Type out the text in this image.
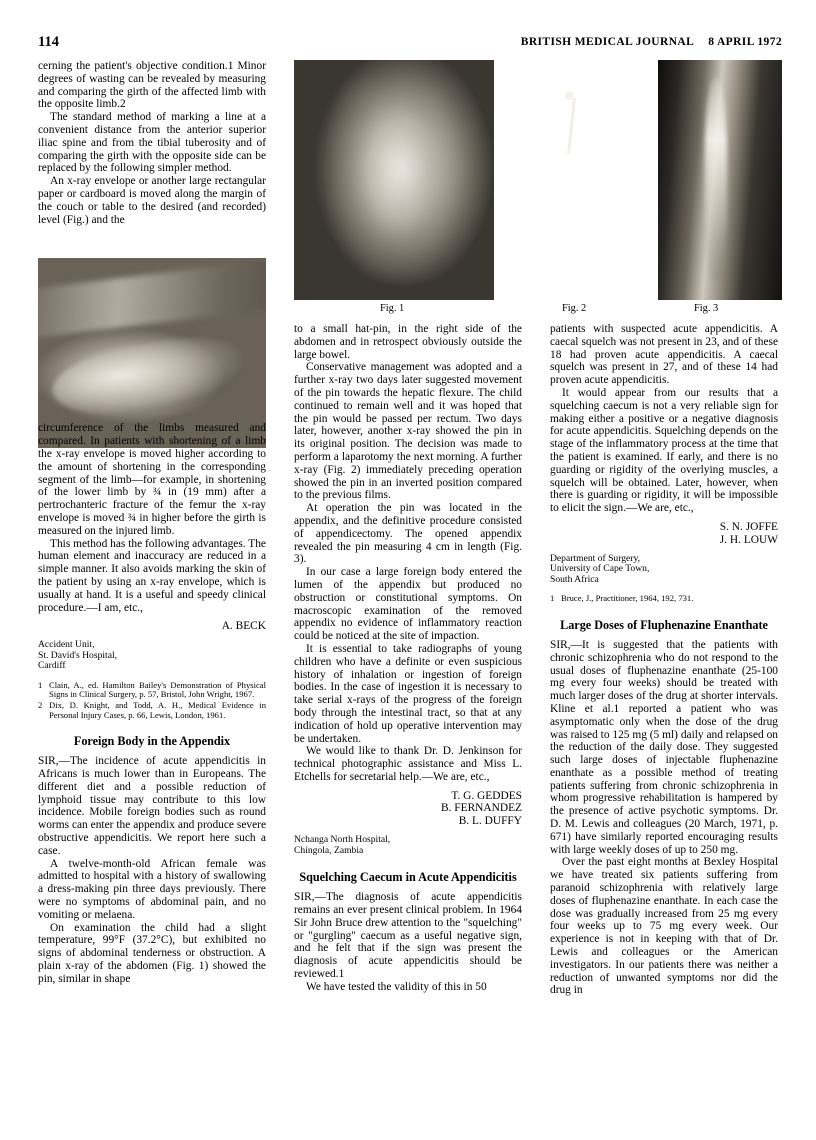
114	BRITISH MEDICAL JOURNAL 8 APRIL 1972
Fig. 1	Fig. 2	Fig. 3

cerning the patient's objective condition.1 Minor degrees of wasting can be revealed by measuring and comparing the girth of the affected limb with the opposite limb.2

The standard method of marking a line at a convenient distance from the anterior superior iliac spine and from the tibial tuberosity and of comparing the girth with the opposite side can be replaced by the following simpler method.

An x-ray envelope or another large rectangular paper or cardboard is moved along the margin of the couch or table to the desired (and recorded) level (Fig.) and the

circumference of the limbs measured and compared. In patients with shortening of a limb the x-ray envelope is moved higher according to the amount of shortening in the corresponding segment of the limb—for example, in shortening of the lower limb by ¾ in (19 mm) after a pertrochanteric fracture of the femur the x-ray envelope is moved ¾ in higher before the girth is measured on the injured limb.

This method has the following advantages. The human element and inaccuracy are reduced in a simple manner. It also avoids marking the skin of the patient by using an x-ray envelope, which is usually at hand. It is a useful and speedy clinical procedure.—I am, etc.,

A. BECK
Accident Unit,
St. David's Hospital,
Cardiff

1 Clain, A., ed. Hamilton Bailey's Demonstration of Physical Signs in Clinical Surgery, p. 57, Bristol, John Wright, 1967.

2 Dix, D. Knight, and Todd, A. H., Medical Evidence in Personal Injury Cases, p. 66, Lewis, London, 1961.

Foreign Body in the Appendix

SIR,—The incidence of acute appendicitis in Africans is much lower than in Europeans. The different diet and a possible reduction of lymphoid tissue may contribute to this low incidence. Mobile foreign bodies such as round worms can enter the appendix and produce severe obstructive appendicitis. We report here such a case.

A twelve-month-old African female was admitted to hospital with a history of swallowing a dress-making pin three days previously. There were no symptoms of abdominal pain, and no vomiting or melaena.

On examination the child had a slight temperature, 99°F (37.2°C), but exhibited no signs of abdominal tenderness or obstruction. A plain x-ray of the abdomen (Fig. 1) showed the pin, similar in shape

to a small hat-pin, in the right side of the abdomen and in retrospect obviously outside the large bowel.

Conservative management was adopted and a further x-ray two days later suggested movement of the pin towards the hepatic flexure. The child continued to remain well and it was hoped that the pin would be passed per rectum. Two days later, however, another x-ray showed the pin in its original position. The decision was made to perform a laparotomy the next morning. A further x-ray (Fig. 2) immediately preceding operation showed the pin in an inverted position compared to the previous films.

At operation the pin was located in the appendix, and the definitive procedure consisted of appendicectomy. The opened appendix revealed the pin measuring 4 cm in length (Fig. 3).

In our case a large foreign body entered the lumen of the appendix but produced no obstruction or constitutional symptoms. On macroscopic examination of the removed appendix no evidence of inflammatory reaction could be noticed at the site of impaction.

It is essential to take radiographs of young children who have a definite or even suspicious history of inhalation or ingestion of foreign bodies. In the case of ingestion it is necessary to take serial x-rays of the progress of the foreign body through the intestinal tract, so that at any indication of hold up operative intervention may be undertaken.

We would like to thank Dr. D. Jenkinson for technical photographic assistance and Miss L. Etchells for secretarial help.—We are, etc.,

T. G. GEDDES
B. FERNANDEZ
B. L. DUFFY
Nchanga North Hospital,
Chingola, Zambia

Squelching Caecum in Acute Appendicitis

SIR,—The diagnosis of acute appendicitis remains an ever present clinical problem. In 1964 Sir John Bruce drew attention to the "squelching" or "gurgling" caecum as a useful negative sign, and he felt that if the sign was present the diagnosis of acute appendicitis should be reviewed.1

We have tested the validity of this in 50

patients with suspected acute appendicitis. A caecal squelch was not present in 23, and of these 18 had proven acute appendicitis. A caecal squelch was present in 27, and of these 14 had proven acute appendicitis.

It would appear from our results that a squelching caecum is not a very reliable sign for making either a positive or a negative diagnosis for acute appendicitis. Squelching depends on the stage of the inflammatory process at the time that the patient is examined. If early, and there is no guarding or rigidity of the overlying muscles, a squelch will be obtained. Later, however, when there is guarding or rigidity, it will be impossible to elicit the sign.—We are, etc.,

S. N. JOFFE
J. H. LOUW
Department of Surgery,
University of Cape Town,
South Africa

1 Bruce, J., Practitioner, 1964, 192, 731.

Large Doses of Fluphenazine Enanthate

SIR,—It is suggested that the patients with chronic schizophrenia who do not respond to the usual doses of fluphenazine enanthate (25-100 mg every four weeks) should be treated with much larger doses of the drug at shorter intervals. Kline et al.1 reported a patient who was asymptomatic only when the dose of the drug was raised to 125 mg (5 ml) daily and relapsed on the reduction of the daily dose. They suggested such large doses of injectable fluphenazine enanthate as a possible method of treating patients suffering from chronic schizophrenia in whom progressive rehabilitation is hampered by the presence of active psychotic symptoms. Dr. D. M. Lewis and colleagues (20 March, 1971, p. 671) have similarly reported encouraging results with large weekly doses of up to 250 mg.

Over the past eight months at Bexley Hospital we have treated six patients suffering from paranoid schizophrenia with relatively large doses of fluphenazine enanthate. In each case the dose was gradually increased from 25 mg every four weeks up to 75 mg every week. Our experience is not in keeping with that of Dr. Lewis and colleagues or the American investigators. In our patients there was neither a reduction of unwanted symptoms nor did the drug in
